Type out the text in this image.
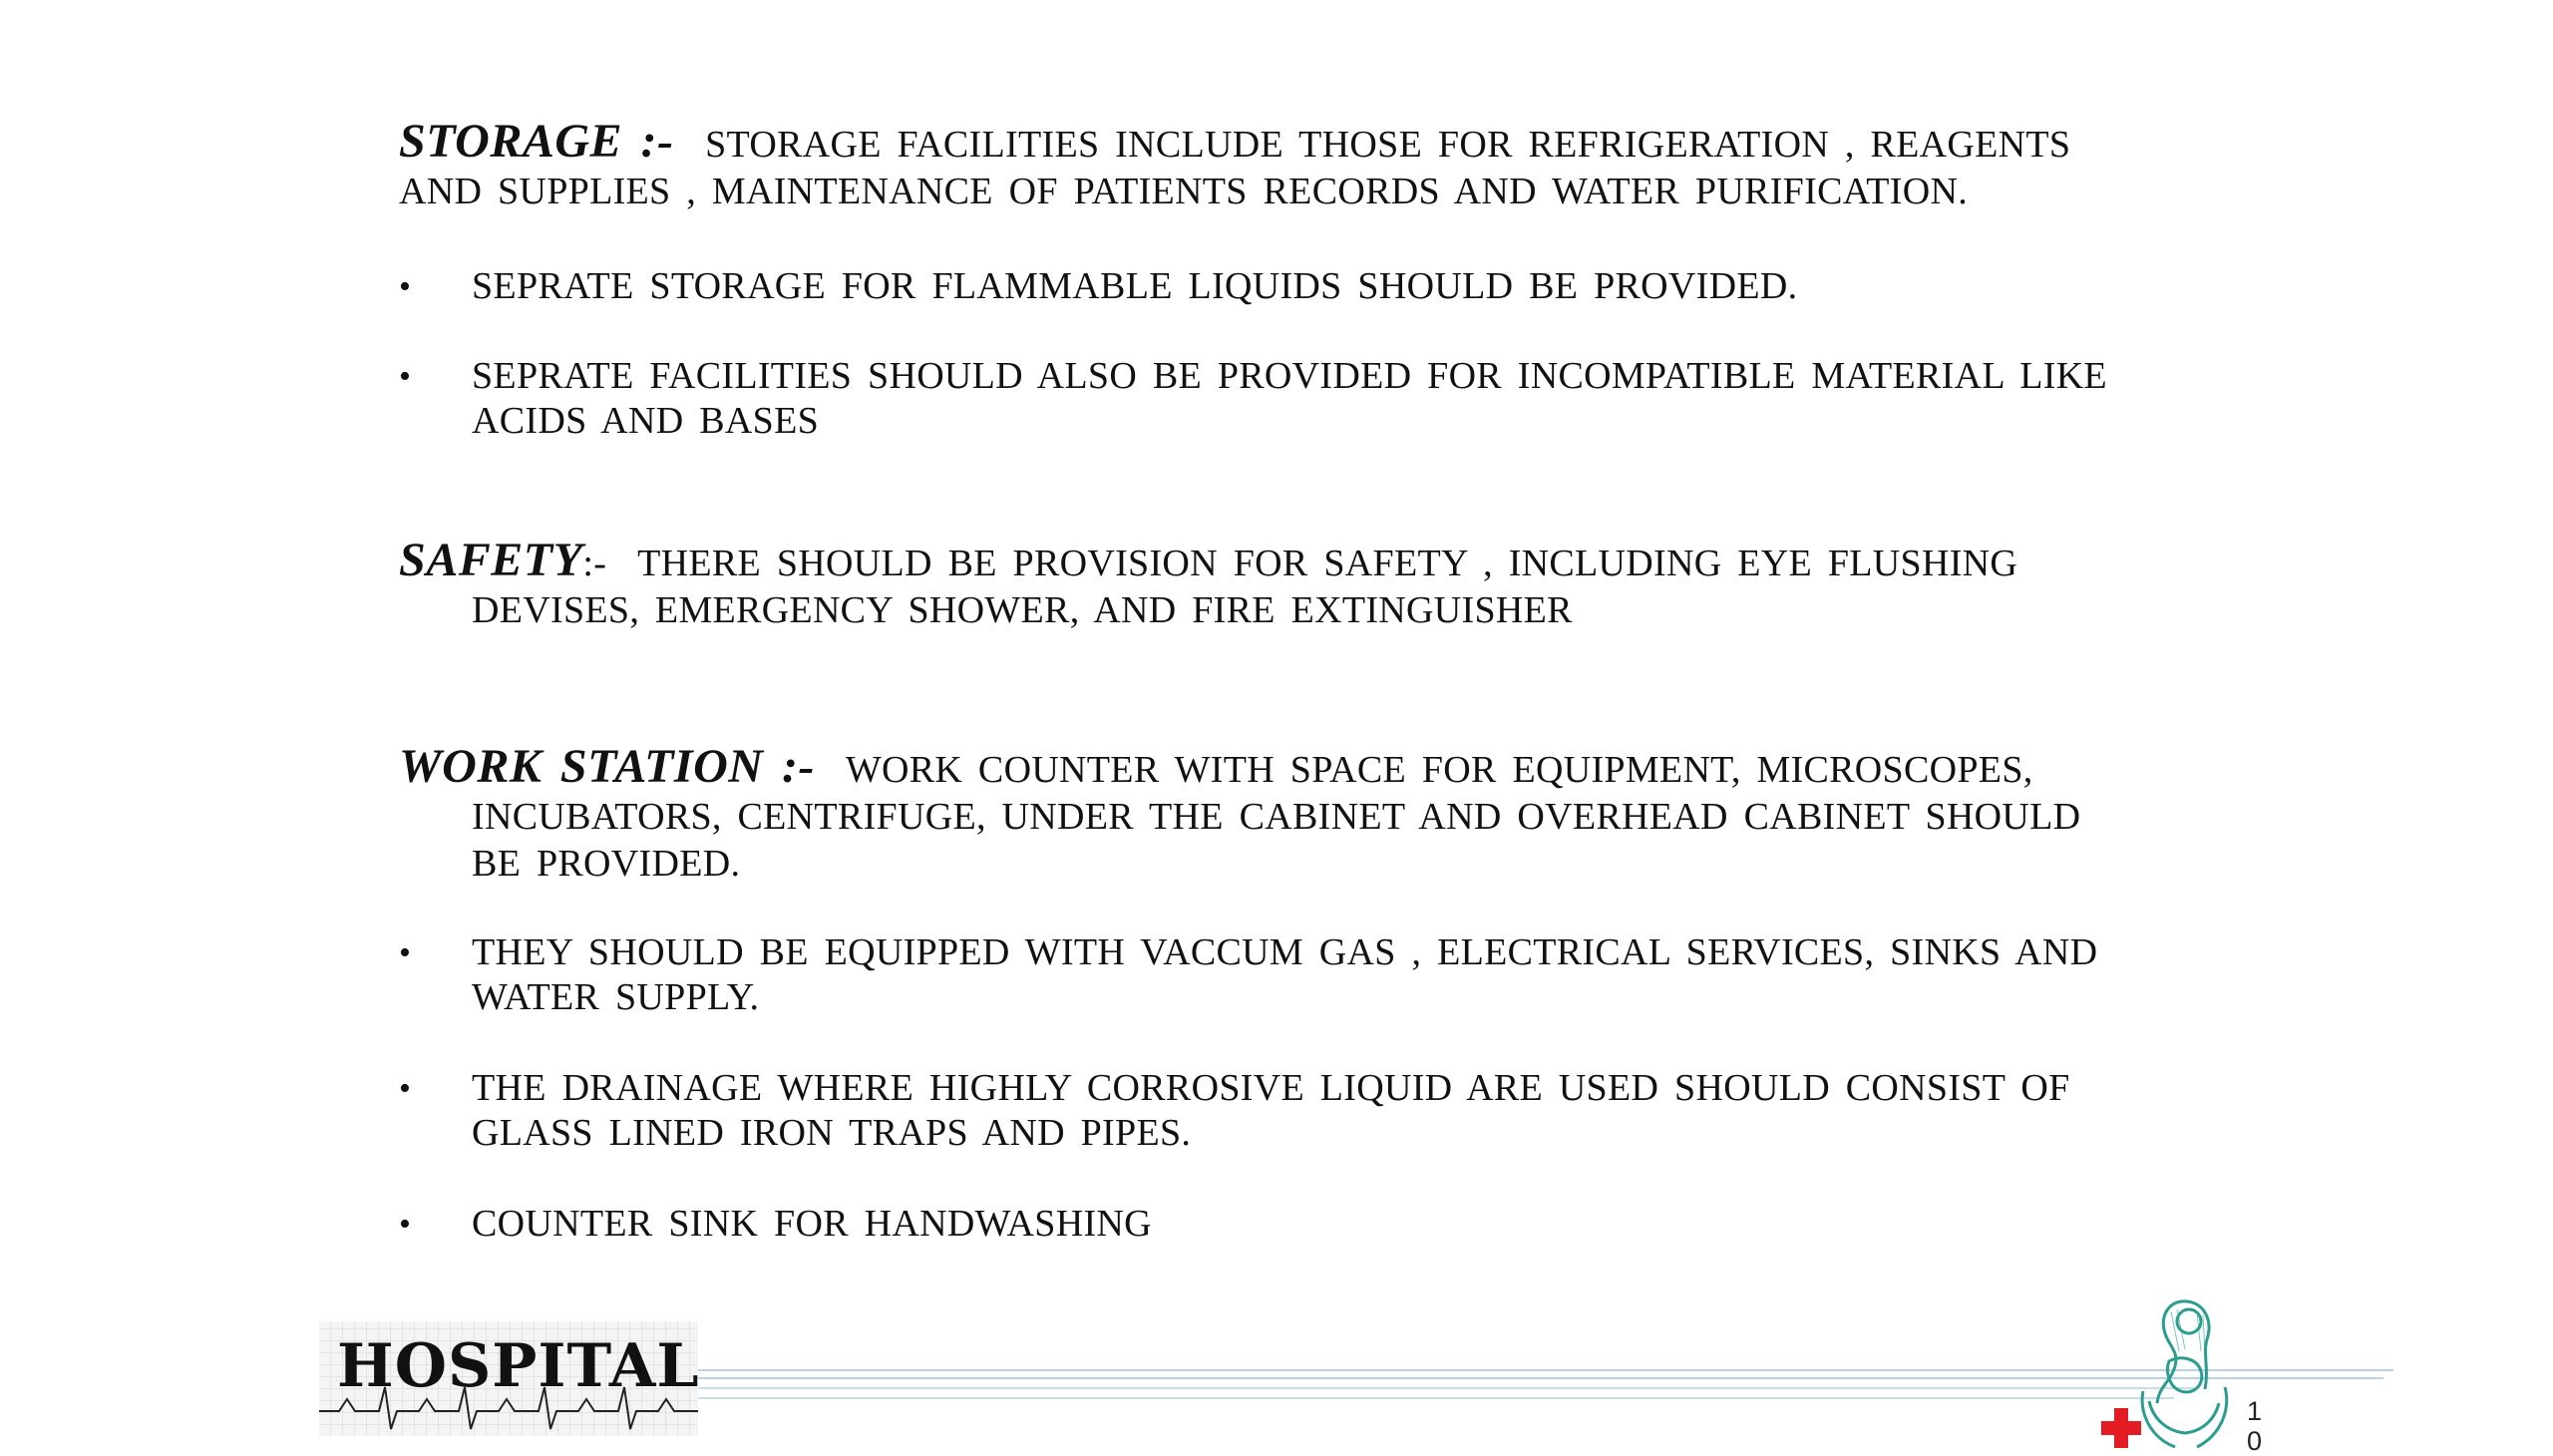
STORAGE :- STORAGE FACILITIES INCLUDE THOSE FOR REFRIGERATION , REAGENTS AND SUPPLIES , MAINTENANCE OF PATIENTS RECORDS AND WATER PURIFICATION.
•	SEPRATE STORAGE FOR FLAMMABLE LIQUIDS SHOULD BE PROVIDED.
•	SEPRATE FACILITIES SHOULD ALSO BE PROVIDED FOR INCOMPATIBLE MATERIAL LIKE ACIDS AND BASES
SAFETY:- THERE SHOULD BE PROVISION FOR SAFETY , INCLUDING EYE FLUSHING
DEVISES, EMERGENCY SHOWER, AND FIRE EXTINGUISHER
WORK STATION :- WORK COUNTER WITH SPACE FOR EQUIPMENT, MICROSCOPES,
INCUBATORS, CENTRIFUGE, UNDER THE CABINET AND OVERHEAD CABINET SHOULD BE PROVIDED.
•	THEY SHOULD BE EQUIPPED WITH VACCUM GAS , ELECTRICAL SERVICES, SINKS AND WATER SUPPLY.
•	THE DRAINAGE WHERE HIGHLY CORROSIVE LIQUID ARE USED SHOULD CONSIST OF GLASS LINED IRON TRAPS AND PIPES.
•	COUNTER SINK FOR HANDWASHING
HOSPITAL
10
